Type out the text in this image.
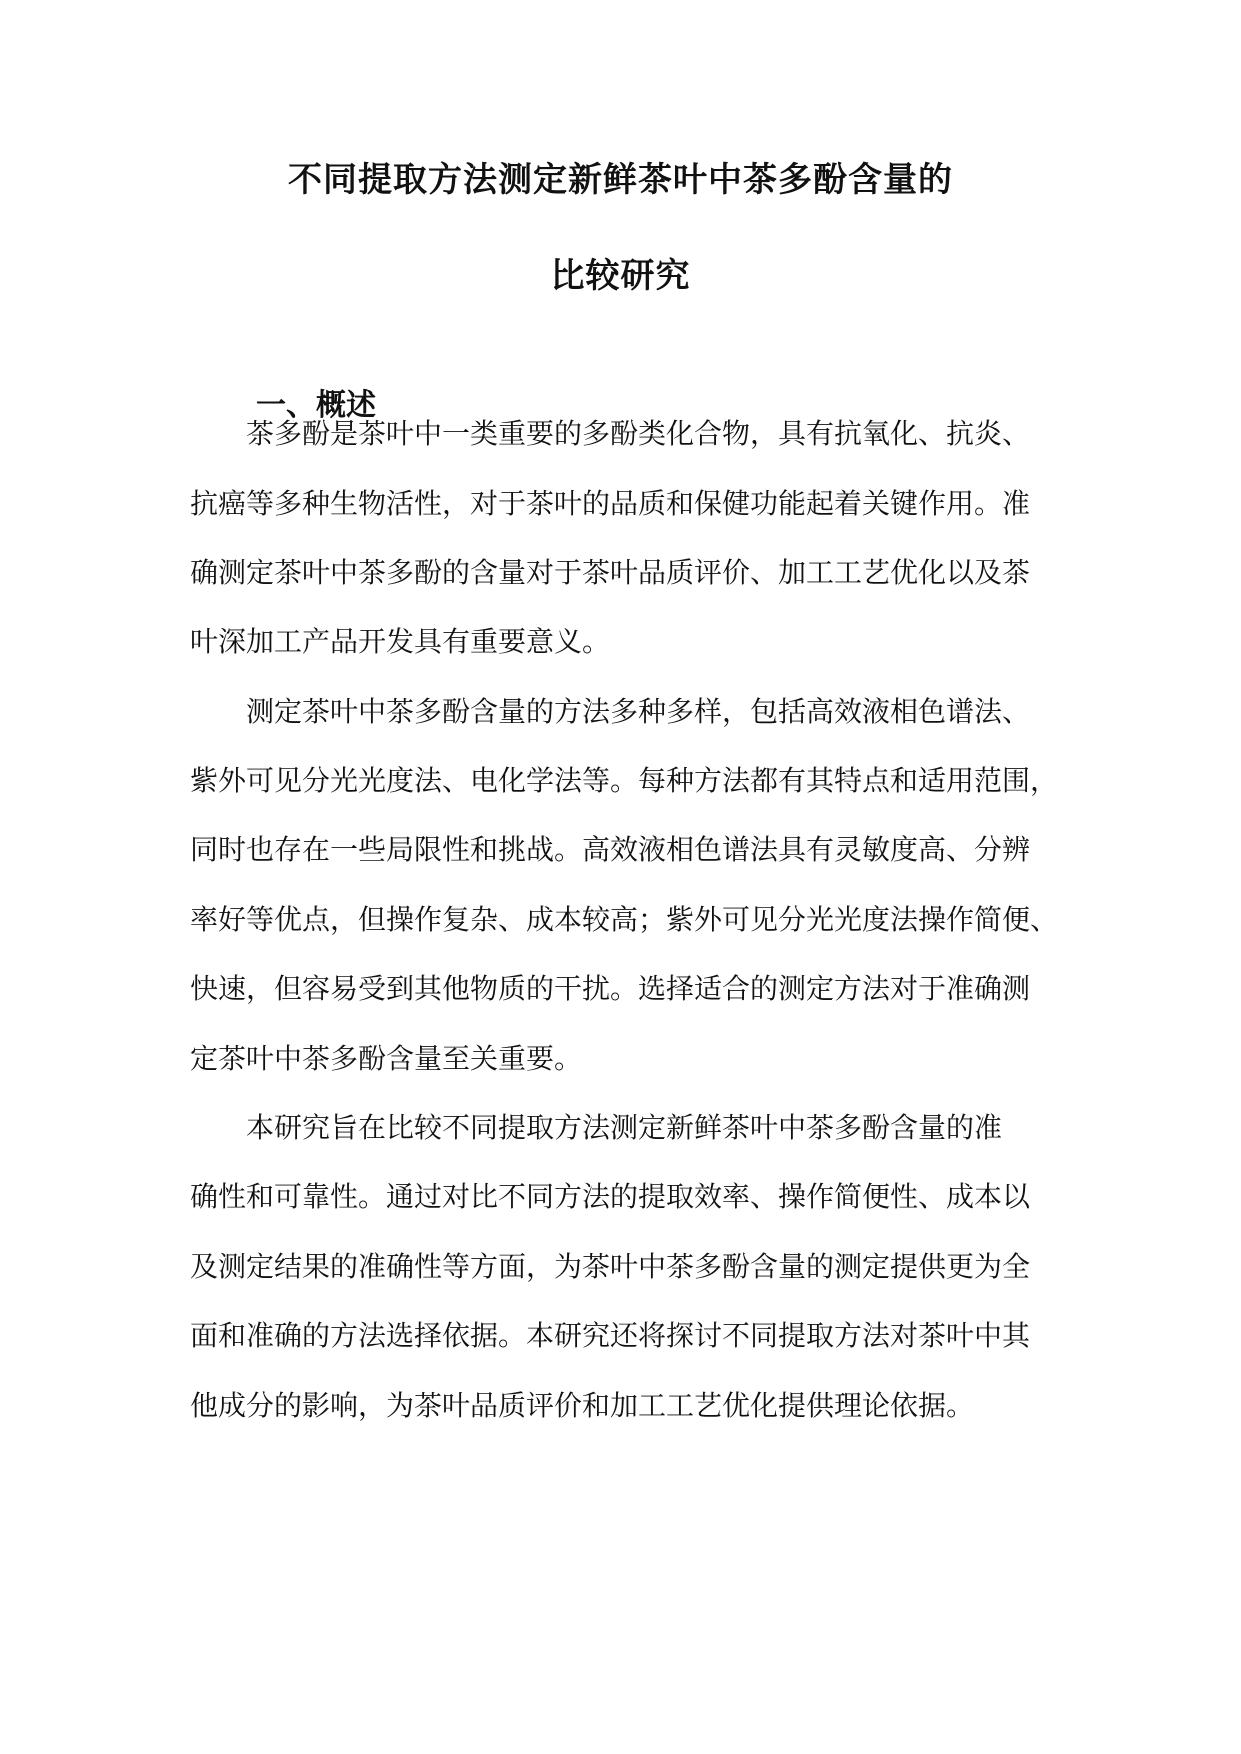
不同提取方法测定新鲜茶叶中茶多酚含量的
比较研究
一、概述
茶多酚是茶叶中一类重要的多酚类化合物，具有抗氧化、抗炎、
抗癌等多种生物活性，对于茶叶的品质和保健功能起着关键作用。准
确测定茶叶中茶多酚的含量对于茶叶品质评价、加工工艺优化以及茶
叶深加工产品开发具有重要意义。
测定茶叶中茶多酚含量的方法多种多样，包括高效液相色谱法、
紫外可见分光光度法、电化学法等。每种方法都有其特点和适用范围，
同时也存在一些局限性和挑战。高效液相色谱法具有灵敏度高、分辨
率好等优点，但操作复杂、成本较高；紫外可见分光光度法操作简便、
快速，但容易受到其他物质的干扰。选择适合的测定方法对于准确测
定茶叶中茶多酚含量至关重要。
本研究旨在比较不同提取方法测定新鲜茶叶中茶多酚含量的准
确性和可靠性。通过对比不同方法的提取效率、操作简便性、成本以
及测定结果的准确性等方面，为茶叶中茶多酚含量的测定提供更为全
面和准确的方法选择依据。本研究还将探讨不同提取方法对茶叶中其
他成分的影响，为茶叶品质评价和加工工艺优化提供理论依据。
